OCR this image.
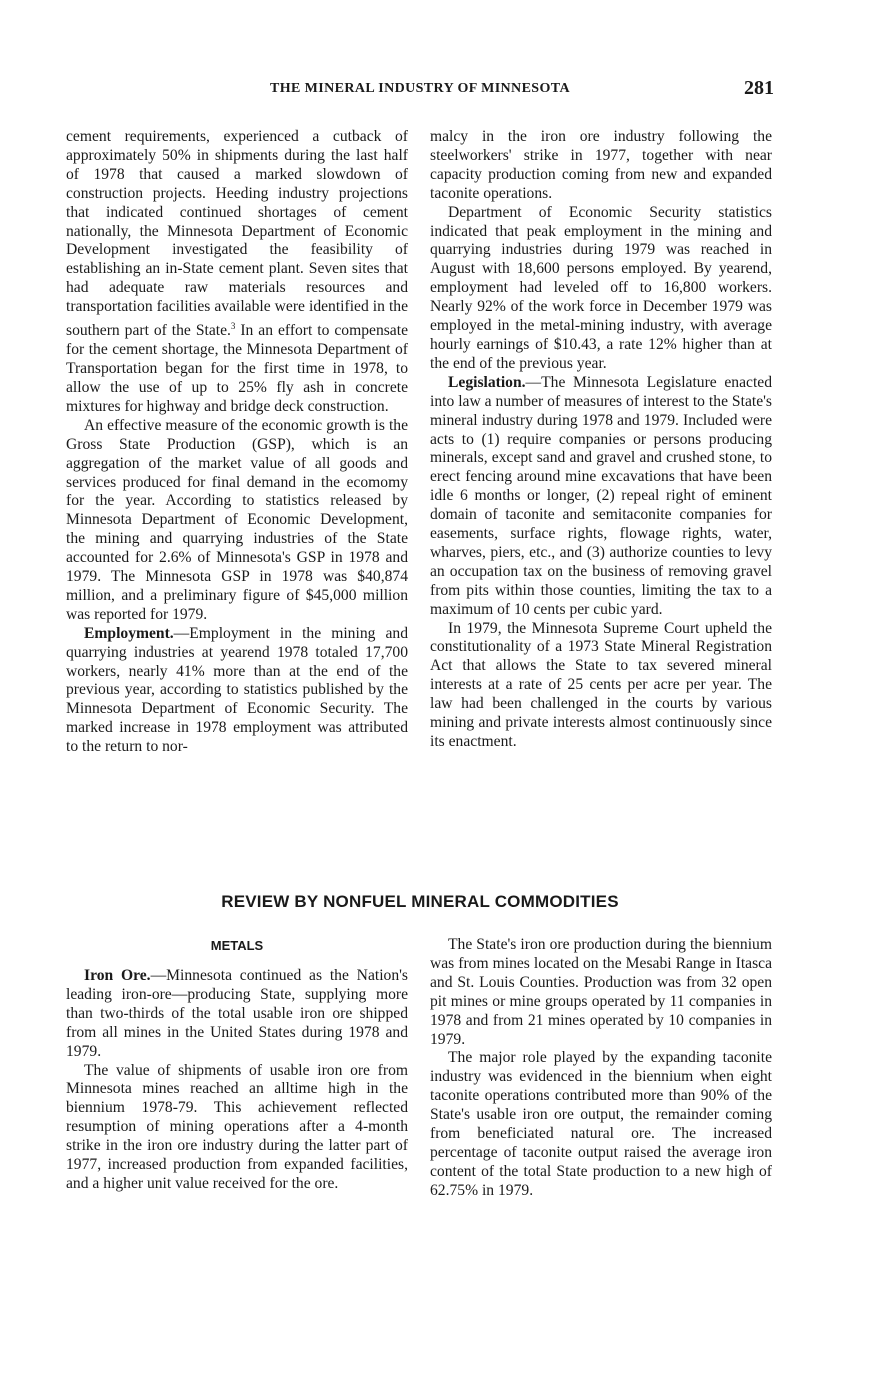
THE MINERAL INDUSTRY OF MINNESOTA	281

cement requirements, experienced a cutback of approximately 50% in shipments during the last half of 1978 that caused a marked slowdown of construction projects. Heeding industry projections that indicated continued shortages of cement nationally, the Minnesota Department of Economic Development investigated the feasibility of establishing an in-State cement plant. Seven sites that had adequate raw materials resources and transportation facilities available were identified in the southern part of the State.$^3$ In an effort to compensate for the cement shortage, the Minnesota Department of Transportation began for the first time in 1978, to allow the use of up to 25% fly ash in concrete mixtures for highway and bridge deck construction.

An effective measure of the economic growth is the Gross State Production (GSP), which is an aggregation of the market value of all goods and services produced for final demand in the ecomomy for the year. According to statistics released by Minnesota Department of Economic Development, the mining and quarrying industries of the State accounted for 2.6% of Minnesota's GSP in 1978 and 1979. The Minnesota GSP in 1978 was $40,874 million, and a preliminary figure of $45,000 million was reported for 1979.

Employment.—Employment in the mining and quarrying industries at yearend 1978 totaled 17,700 workers, nearly 41% more than at the end of the previous year, according to statistics published by the Minnesota Department of Economic Security. The marked increase in 1978 employment was attributed to the return to nor-

malcy in the iron ore industry following the steelworkers' strike in 1977, together with near capacity production coming from new and expanded taconite operations.

Department of Economic Security statistics indicated that peak employment in the mining and quarrying industries during 1979 was reached in August with 18,600 persons employed. By yearend, employment had leveled off to 16,800 workers. Nearly 92% of the work force in December 1979 was employed in the metal-mining industry, with average hourly earnings of $10.43, a rate 12% higher than at the end of the previous year.

Legislation.—The Minnesota Legislature enacted into law a number of measures of interest to the State's mineral industry during 1978 and 1979. Included were acts to (1) require companies or persons producing minerals, except sand and gravel and crushed stone, to erect fencing around mine excavations that have been idle 6 months or longer, (2) repeal right of eminent domain of taconite and semitaconite companies for easements, surface rights, flowage rights, water, wharves, piers, etc., and (3) authorize counties to levy an occupation tax on the business of removing gravel from pits within those counties, limiting the tax to a maximum of 10 cents per cubic yard.

In 1979, the Minnesota Supreme Court upheld the constitutionality of a 1973 State Mineral Registration Act that allows the State to tax severed mineral interests at a rate of 25 cents per acre per year. The law had been challenged in the courts by various mining and private interests almost continuously since its enactment.

REVIEW BY NONFUEL MINERAL COMMODITIES
METALS

Iron Ore.—Minnesota continued as the Nation's leading iron-ore—producing State, supplying more than two-thirds of the total usable iron ore shipped from all mines in the United States during 1978 and 1979.

The value of shipments of usable iron ore from Minnesota mines reached an alltime high in the biennium 1978-79. This achievement reflected resumption of mining operations after a 4-month strike in the iron ore industry during the latter part of 1977, increased production from expanded facilities, and a higher unit value received for the ore.

The State's iron ore production during the biennium was from mines located on the Mesabi Range in Itasca and St. Louis Counties. Production was from 32 open pit mines or mine groups operated by 11 companies in 1978 and from 21 mines operated by 10 companies in 1979.

The major role played by the expanding taconite industry was evidenced in the biennium when eight taconite operations contributed more than 90% of the State's usable iron ore output, the remainder coming from beneficiated natural ore. The increased percentage of taconite output raised the average iron content of the total State production to a new high of 62.75% in 1979.
